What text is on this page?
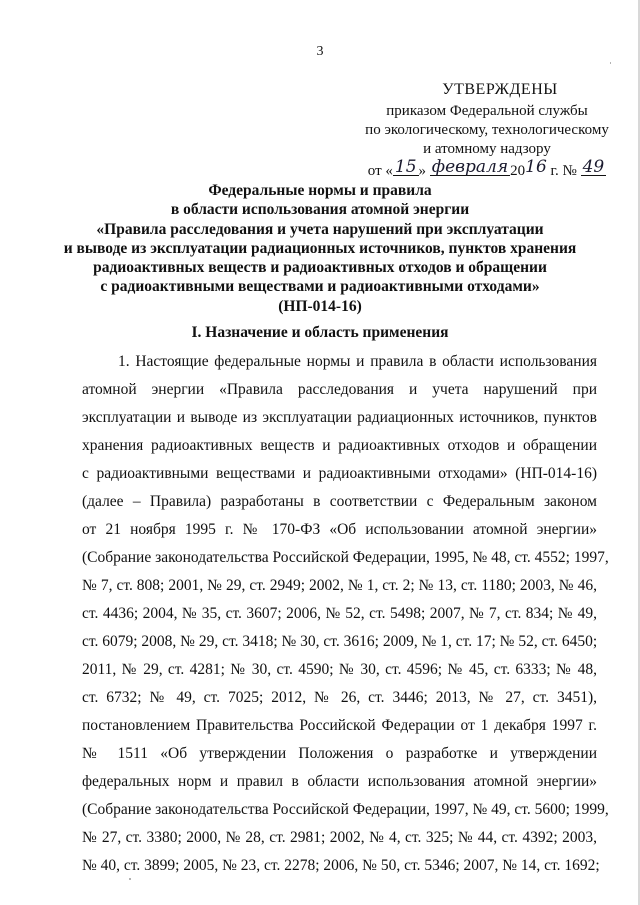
3
УТВЕРЖДЕНЫ
приказом Федеральной службы
по экологическому, технологическому
и атомному надзору
от « 15 » февраля 2016 г. № 49
Федеральные нормы и правила
в области использования атомной энергии
«Правила расследования и учета нарушений при эксплуатации
и выводе из эксплуатации радиационных источников, пунктов хранения
радиоактивных веществ и радиоактивных отходов и обращении
с радиоактивными веществами и радиоактивными отходами»
(НП-014-16)
I. Назначение и область применения
1. Настоящие федеральные нормы и правила в области использования
атомной энергии «Правила расследования и учета нарушений при
эксплуатации и выводе из эксплуатации радиационных источников, пунктов
хранения радиоактивных веществ и радиоактивных отходов и обращении
с радиоактивными веществами и радиоактивными отходами» (НП-014-16)
(далее – Правила) разработаны в соответствии с Федеральным законом
от 21 ноября 1995 г. № 170-ФЗ «Об использовании атомной энергии»
(Собрание законодательства Российской Федерации, 1995, № 48, ст. 4552; 1997,
№ 7, ст. 808; 2001, № 29, ст. 2949; 2002, № 1, ст. 2; № 13, ст. 1180; 2003, № 46,
ст. 4436; 2004, № 35, ст. 3607; 2006, № 52, ст. 5498; 2007, № 7, ст. 834; № 49,
ст. 6079; 2008, № 29, ст. 3418; № 30, ст. 3616; 2009, № 1, ст. 17; № 52, ст. 6450;
2011, № 29, ст. 4281; № 30, ст. 4590; № 30, ст. 4596; № 45, ст. 6333; № 48,
ст. 6732; № 49, ст. 7025; 2012, № 26, ст. 3446; 2013, № 27, ст. 3451),
постановлением Правительства Российской Федерации от 1 декабря 1997 г.
№ 1511 «Об утверждении Положения о разработке и утверждении
федеральных норм и правил в области использования атомной энергии»
(Собрание законодательства Российской Федерации, 1997, № 49, ст. 5600; 1999,
№ 27, ст. 3380; 2000, № 28, ст. 2981; 2002, № 4, ст. 325; № 44, ст. 4392; 2003,
№ 40, ст. 3899; 2005, № 23, ст. 2278; 2006, № 50, ст. 5346; 2007, № 14, ст. 1692;
